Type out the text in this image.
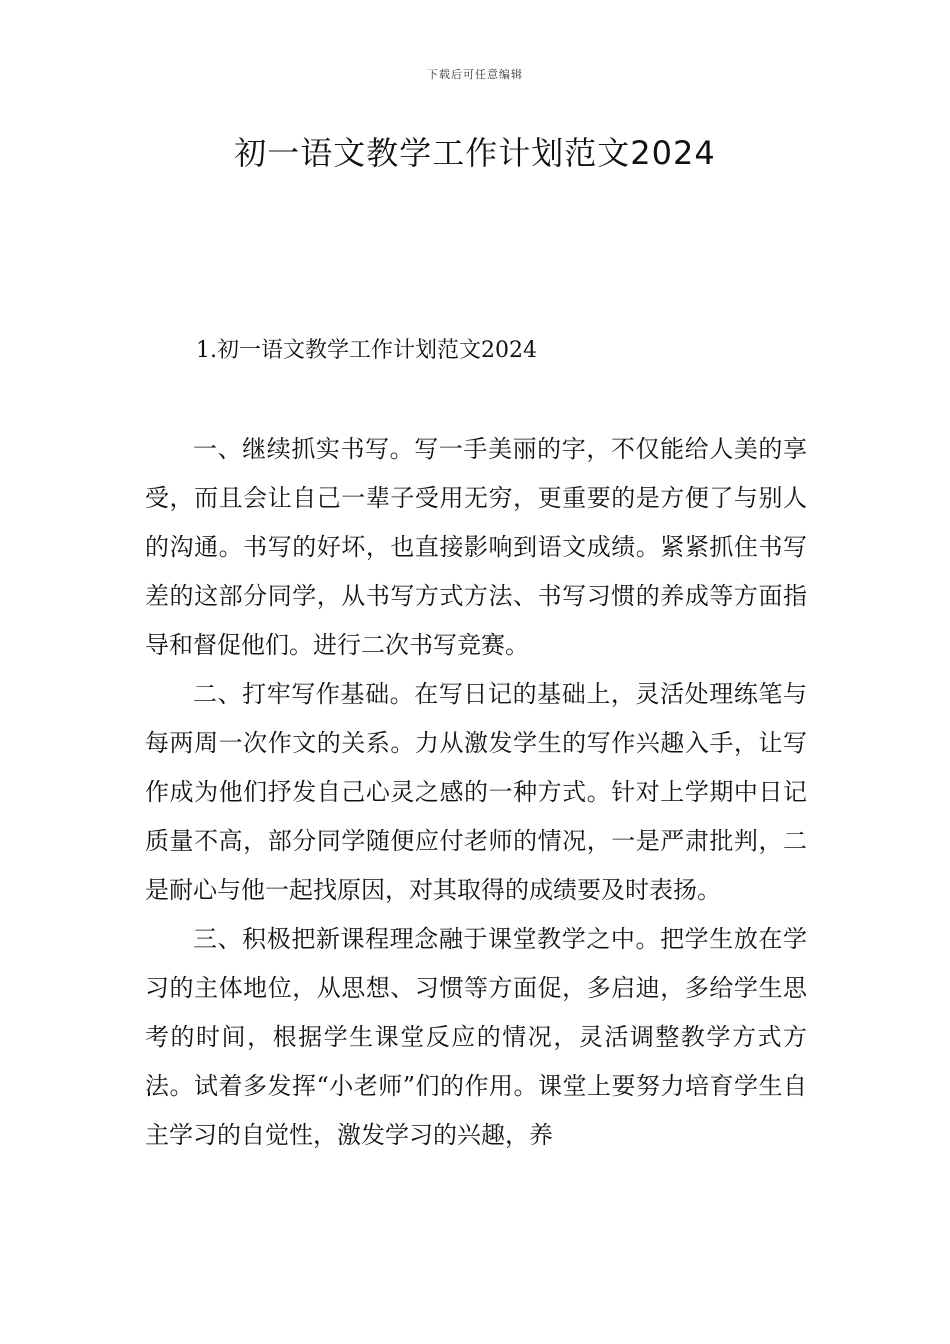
下载后可任意编辑
初一语文教学工作计划范文2024
1.初一语文教学工作计划范文2024

一、继续抓实书写。写一手美丽的字，不仅能给人美的享受，而且会让自己一辈子受用无穷，更重要的是方便了与别人的沟通。书写的好坏，也直接影响到语文成绩。紧紧抓住书写差的这部分同学，从书写方式方法、书写习惯的养成等方面指导和督促他们。进行二次书写竞赛。

二、打牢写作基础。在写日记的基础上，灵活处理练笔与每两周一次作文的关系。力从激发学生的写作兴趣入手，让写作成为他们抒发自己心灵之感的一种方式。针对上学期中日记质量不高，部分同学随便应付老师的情况，一是严肃批判，二是耐心与他一起找原因，对其取得的成绩要及时表扬。

三、积极把新课程理念融于课堂教学之中。把学生放在学习的主体地位，从思想、习惯等方面促，多启迪，多给学生思考的时间，根据学生课堂反应的情况，灵活调整教学方式方法。试着多发挥“小老师”们的作用。课堂上要努力培育学生自主学习的自觉性，激发学习的兴趣，养
